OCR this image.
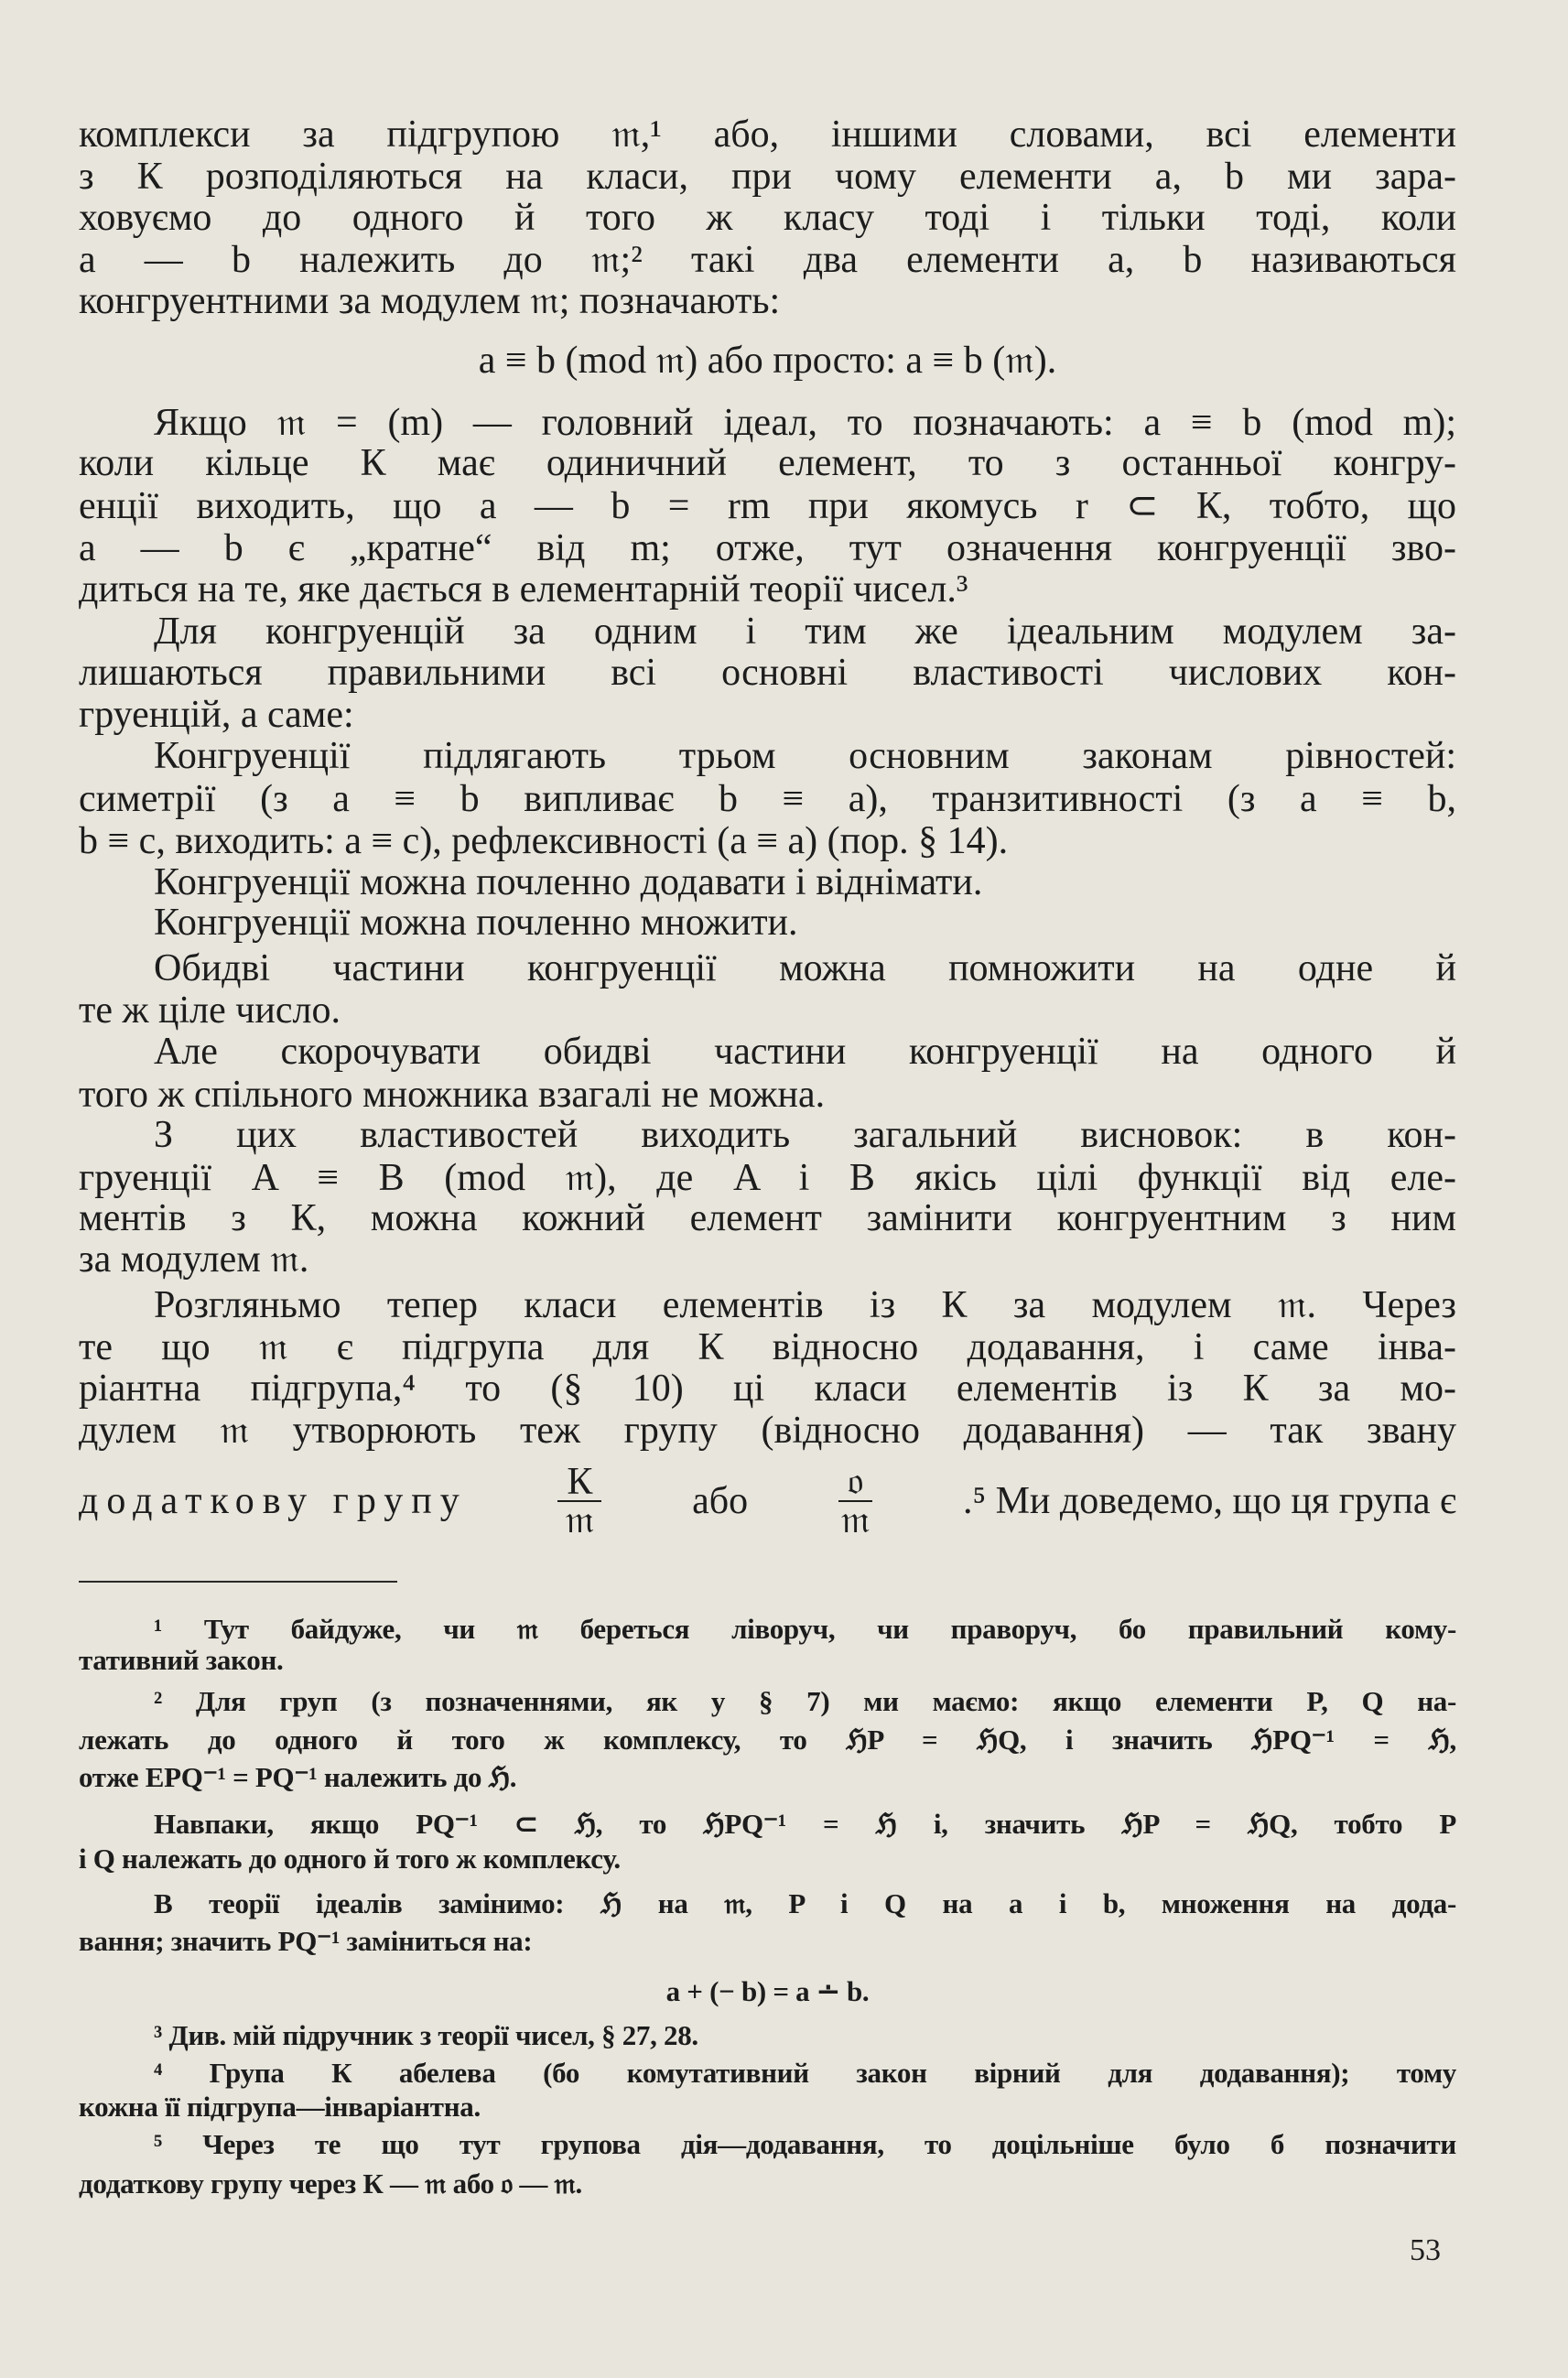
комплекси за підгрупою 𝔪,¹ або, іншими словами, всі елементи
з К розподіляються на класи, при чому елементи a, b ми зара-
ховуємо до одного й того ж класу тоді і тільки тоді, коли
a — b належить до 𝔪;² такі два елементи a, b називаються
конгруентними за модулем 𝔪; позначають:
a ≡ b (mod 𝔪) або просто: a ≡ b (𝔪).
Якщо 𝔪 = (m) — головний ідеал, то позначають: a ≡ b (mod m);
коли кільце К має одиничний елемент, то з останньої конгру-
енції виходить, що a — b = rm при якомусь r ⊂ К, тобто, що
a — b є „кратне“ від m; отже, тут означення конгруенції зво-
диться на те, яке дається в елементарній теорії чисел.³
Для конгруенцій за одним і тим же ідеальним модулем за-
лишаються правильними всі основні властивості числових кон-
груенцій, а саме:
Конгруенції підлягають трьом основним законам рівностей:
симетрії (з a ≡ b випливає b ≡ a), транзитивності (з a ≡ b,
b ≡ c, виходить: a ≡ c), рефлексивності (a ≡ a) (пор. § 14).
Конгруенції можна почленно додавати і віднімати.
Конгруенції можна почленно множити.
Обидві частини конгруенції можна помножити на одне й
те ж ціле число.
Але скорочувати обидві частини конгруенції на одного й
того ж спільного множника взагалі не можна.
З цих властивостей виходить загальний висновок: в кон-
груенції A ≡ B (mod 𝔪), де A і B якісь цілі функції від еле-
ментів з К, можна кожний елемент замінити конгруентним з ним
за модулем 𝔪.
Розгляньмо тепер класи елементів із К за модулем 𝔪. Через
те що 𝔪 є підгрупа для К відносно додавання, і саме інва-
ріантна підгрупа,⁴ то (§ 10) ці класи елементів із К за мо-
дулем 𝔪 утворюють теж групу (відносно додавання) — так звану
додаткову групу $\frac{К}{\text{𝔪}}$ або $\frac{\text{𝔬}}{\text{𝔪}} .^5$ Ми доведемо, що ця група є
¹ Тут байдуже, чи 𝔪 береться ліворуч, чи праворуч, бо правильний кому-
тативний закон.
² Для груп (з позначеннями, як у § 7) ми маємо: якщо елементи P, Q на-
лежать до одного й того ж комплексу, то ℌP = ℌQ, і значить ℌPQ⁻¹ = ℌ,
отже EPQ⁻¹ = PQ⁻¹ належить до ℌ.
Навпаки, якщо PQ⁻¹ ⊂ ℌ, то ℌPQ⁻¹ = ℌ і, значить ℌP = ℌQ, тобто P
і Q належать до одного й того ж комплексу.
В теорії ідеалів замінимо: ℌ на 𝔪, P і Q на a і b, множення на дода-
вання; значить PQ⁻¹ заміниться на:
a + (− b) = a ∸ b.
³ Див. мій підручник з теорії чисел, § 27, 28.
⁴ Група К абелева (бо комутативний закон вірний для додавання); тому
кожна її підгрупа—інваріантна.
⁵ Через те що тут групова дія—додавання, то доцільніше було б позначити
додаткову групу через К — 𝔪 або 𝔬 — 𝔪.
53
